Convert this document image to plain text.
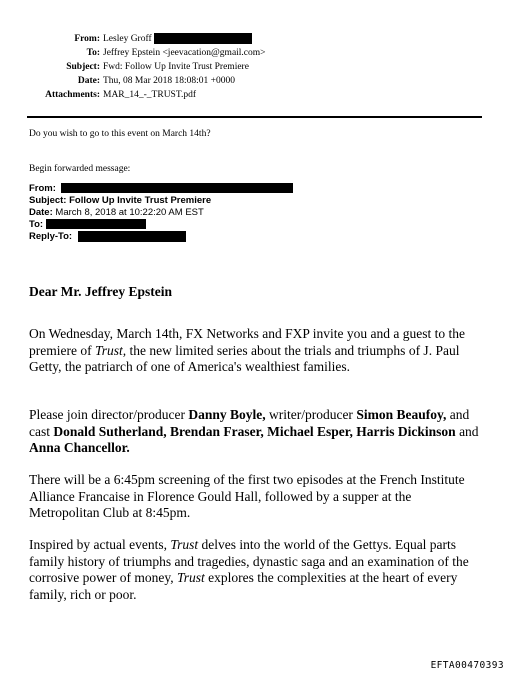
From: Lesley Groff
To: Jeffrey Epstein <jeevacation@gmail.com>
Subject: Fwd: Follow Up Invite Trust Premiere
Date: Thu, 08 Mar 2018 18:08:01 +0000
Attachments: MAR_14_-_TRUST.pdf
Do you wish to go to this event on March 14th?
Begin forwarded message:
From:
Subject: Follow Up Invite Trust Premiere
Date: March 8, 2018 at 10:22:20 AM EST
To:
Reply-To:
Dear Mr. Jeffrey Epstein
On Wednesday, March 14th, FX Networks and FXP invite you and a guest to the premiere of Trust, the new limited series about the trials and triumphs of J. Paul Getty, the patriarch of one of America's wealthiest families.
Please join director/producer Danny Boyle, writer/producer Simon Beaufoy, and cast Donald Sutherland, Brendan Fraser, Michael Esper, Harris Dickinson and Anna Chancellor.
There will be a 6:45pm screening of the first two episodes at the French Institute Alliance Francaise in Florence Gould Hall, followed by a supper at the Metropolitan Club at 8:45pm.
Inspired by actual events, Trust delves into the world of the Gettys. Equal parts family history of triumphs and tragedies, dynastic saga and an examination of the corrosive power of money, Trust explores the complexities at the heart of every family, rich or poor.
EFTA00470393
